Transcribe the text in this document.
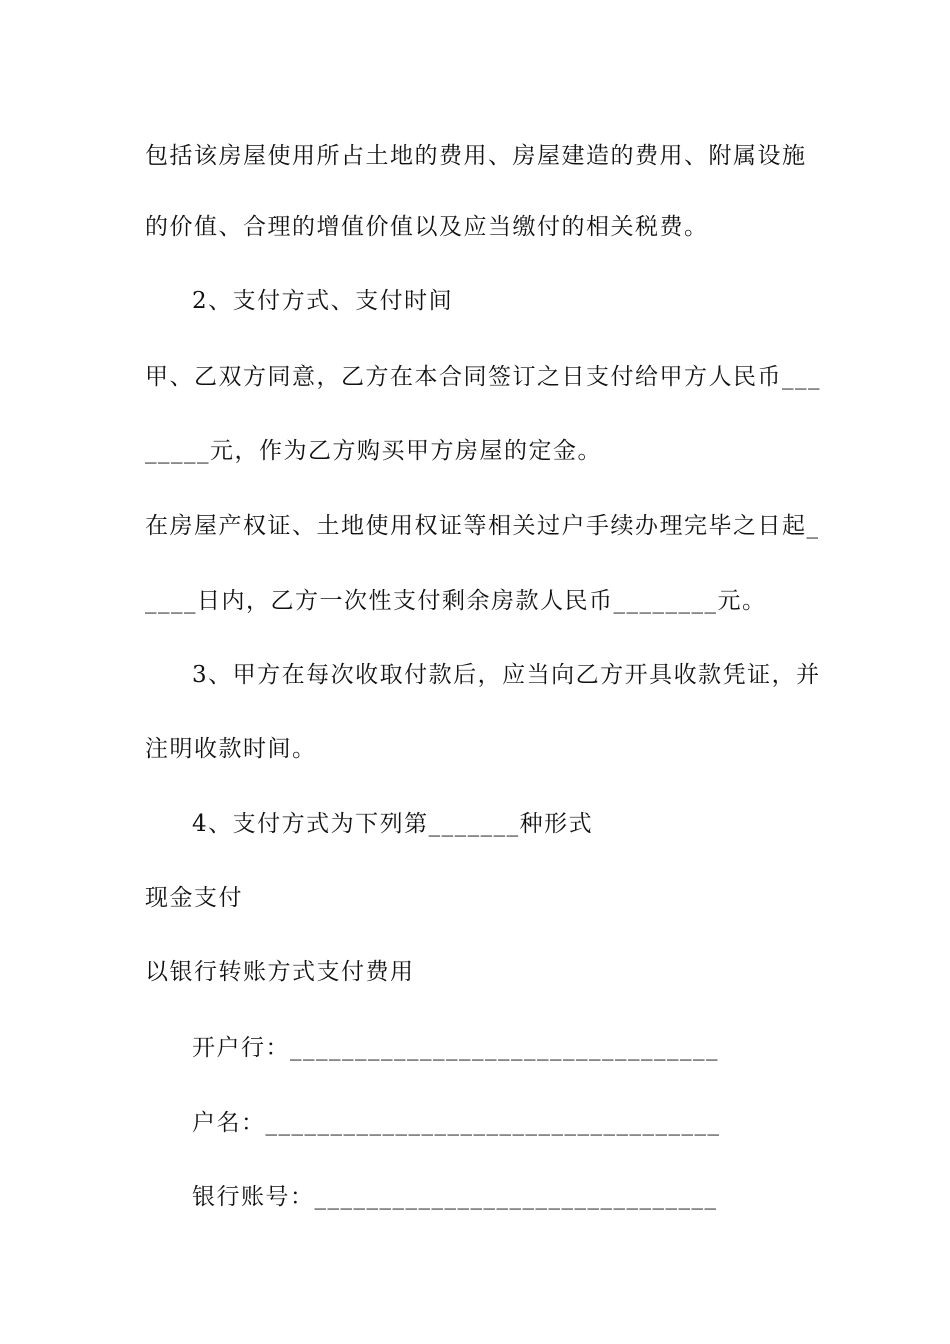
包括该房屋使用所占土地的费用、房屋建造的费用、附属设施
的价值、合理的增值价值以及应当缴付的相关税费。
2、支付方式、支付时间
甲、乙双方同意，乙方在本合同签订之日支付给甲方人民币___
_____元，作为乙方购买甲方房屋的定金。
在房屋产权证、土地使用权证等相关过户手续办理完毕之日起_
____日内，乙方一次性支付剩余房款人民币________元。
3、甲方在每次收取付款后，应当向乙方开具收款凭证，并
注明收款时间。
4、支付方式为下列第_______种形式
现金支付
以银行转账方式支付费用
开户行：_________________________________
户名：___________________________________
银行账号：_______________________________
